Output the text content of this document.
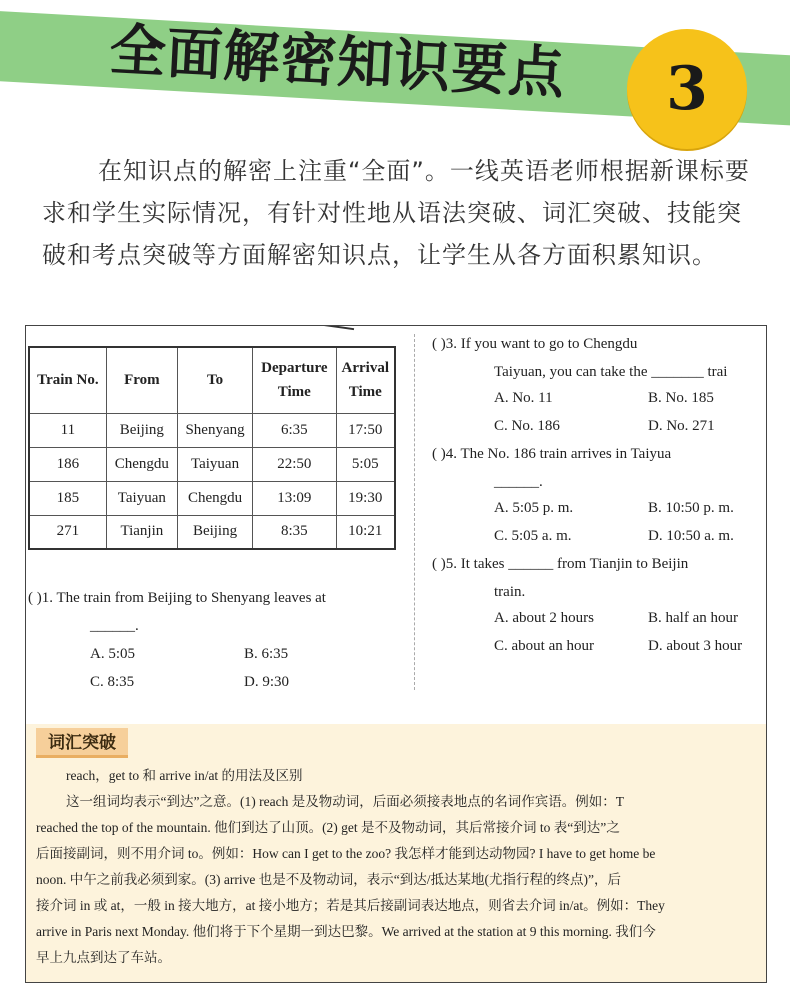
全面解密知识要点 3
在知识点的解密上注重“全面”。一线英语老师根据新课标要求和学生实际情况，有针对性地从语法突破、词汇突破、技能突破和考点突破等方面解密知识点，让学生从各方面积累知识。
Train No.	From	To	Departure Time	Arrival Time
11	Beijing	Shenyang	6:35	17:50
186	Chengdu	Taiyuan	22:50	5:05
185	Taiyuan	Chengdu	13:09	19:30
271	Tianjin	Beijing	8:35	10:21
( )1. The train from Beijing to Shenyang leaves at
______.
A. 5:05	B. 6:35
C. 8:35	D. 9:30
( )3. If you want to go to Chengdu
Taiyuan, you can take the _______ trai
A. No. 11	B. No. 185
C. No. 186	D. No. 271
( )4. The No. 186 train arrives in Taiyua
______.
A. 5:05 p. m.	B. 10:50 p. m.
C. 5:05 a. m.	D. 10:50 a. m.
( )5. It takes ______ from Tianjin to Beijin
train.
A. about 2 hours	B. half an hour
C. about an hour	D. about 3 hour
词汇突破
reach，get to 和 arrive in/at 的用法及区别
这一组词均表示“到达”之意。(1) reach 是及物动词，后面必须接表地点的名词作宾语。例如：T
reached the top of the mountain. 他们到达了山顶。(2) get 是不及物动词，其后常接介词 to 表“到达”之
后面接副词，则不用介词 to。例如：How can I get to the zoo? 我怎样才能到达动物园? I have to get home be
noon. 中午之前我必须到家。(3) arrive 也是不及物动词，表示“到达/抵达某地(尤指行程的终点)”，后
接介词 in 或 at，一般 in 接大地方，at 接小地方；若是其后接副词表达地点，则省去介词 in/at。例如：They
arrive in Paris next Monday. 他们将于下个星期一到达巴黎。We arrived at the station at 9 this morning. 我们今
早上九点到达了车站。
